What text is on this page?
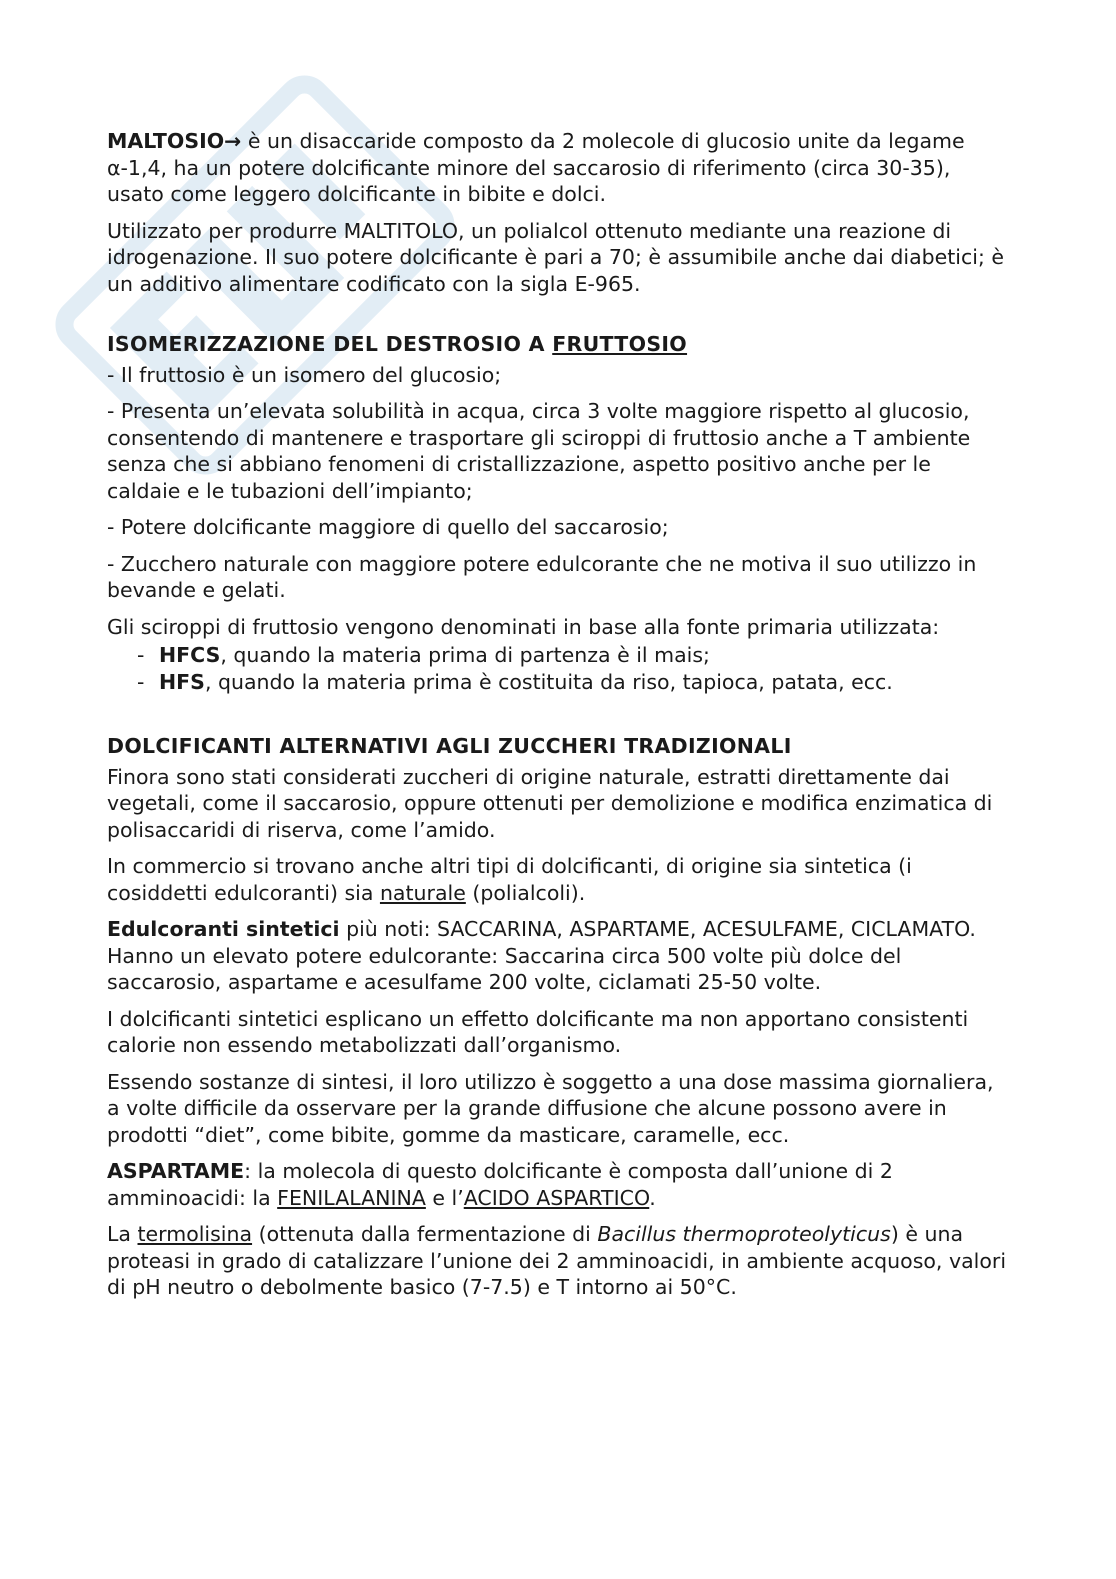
MALTOSIO→ è un disaccaride composto da 2 molecole di glucosio unite da legame α-1,4, ha un potere dolcificante minore del saccarosio di riferimento (circa 30-35), usato come leggero dolcificante in bibite e dolci.

Utilizzato per produrre MALTITOLO, un polialcol ottenuto mediante una reazione di idrogenazione. Il suo potere dolcificante è pari a 70; è assumibile anche dai diabetici; è un additivo alimentare codificato con la sigla E-965.

ISOMERIZZAZIONE DEL DESTROSIO A FRUTTOSIO

- Il fruttosio è un isomero del glucosio;

- Presenta un’elevata solubilità in acqua, circa 3 volte maggiore rispetto al glucosio, consentendo di mantenere e trasportare gli sciroppi di fruttosio anche a T ambiente senza che si abbiano fenomeni di cristallizzazione, aspetto positivo anche per le caldaie e le tubazioni dell’impianto;

- Potere dolcificante maggiore di quello del saccarosio;

- Zucchero naturale con maggiore potere edulcorante che ne motiva il suo utilizzo in bevande e gelati.

Gli sciroppi di fruttosio vengono denominati in base alla fonte primaria utilizzata:

- HFCS, quando la materia prima di partenza è il mais;
- HFS, quando la materia prima è costituita da riso, tapioca, patata, ecc.
DOLCIFICANTI ALTERNATIVI AGLI ZUCCHERI TRADIZIONALI

Finora sono stati considerati zuccheri di origine naturale, estratti direttamente dai vegetali, come il saccarosio, oppure ottenuti per demolizione e modifica enzimatica di polisaccaridi di riserva, come l’amido.

In commercio si trovano anche altri tipi di dolcificanti, di origine sia sintetica (i cosiddetti edulcoranti) sia naturale (polialcoli).

Edulcoranti sintetici più noti: SACCARINA, ASPARTAME, ACESULFAME, CICLAMATO. Hanno un elevato potere edulcorante: Saccarina circa 500 volte più dolce del saccarosio, aspartame e acesulfame 200 volte, ciclamati 25-50 volte.

I dolcificanti sintetici esplicano un effetto dolcificante ma non apportano consistenti calorie non essendo metabolizzati dall’organismo.

Essendo sostanze di sintesi, il loro utilizzo è soggetto a una dose massima giornaliera, a volte difficile da osservare per la grande diffusione che alcune possono avere in prodotti “diet”, come bibite, gomme da masticare, caramelle, ecc.

ASPARTAME: la molecola di questo dolcificante è composta dall’unione di 2 amminoacidi: la FENILALANINA e l’ACIDO ASPARTICO.

La termolisina (ottenuta dalla fermentazione di Bacillus thermoproteolyticus) è una proteasi in grado di catalizzare l’unione dei 2 amminoacidi, in ambiente acquoso, valori di pH neutro o debolmente basico (7-7.5) e T intorno ai 50°C.
